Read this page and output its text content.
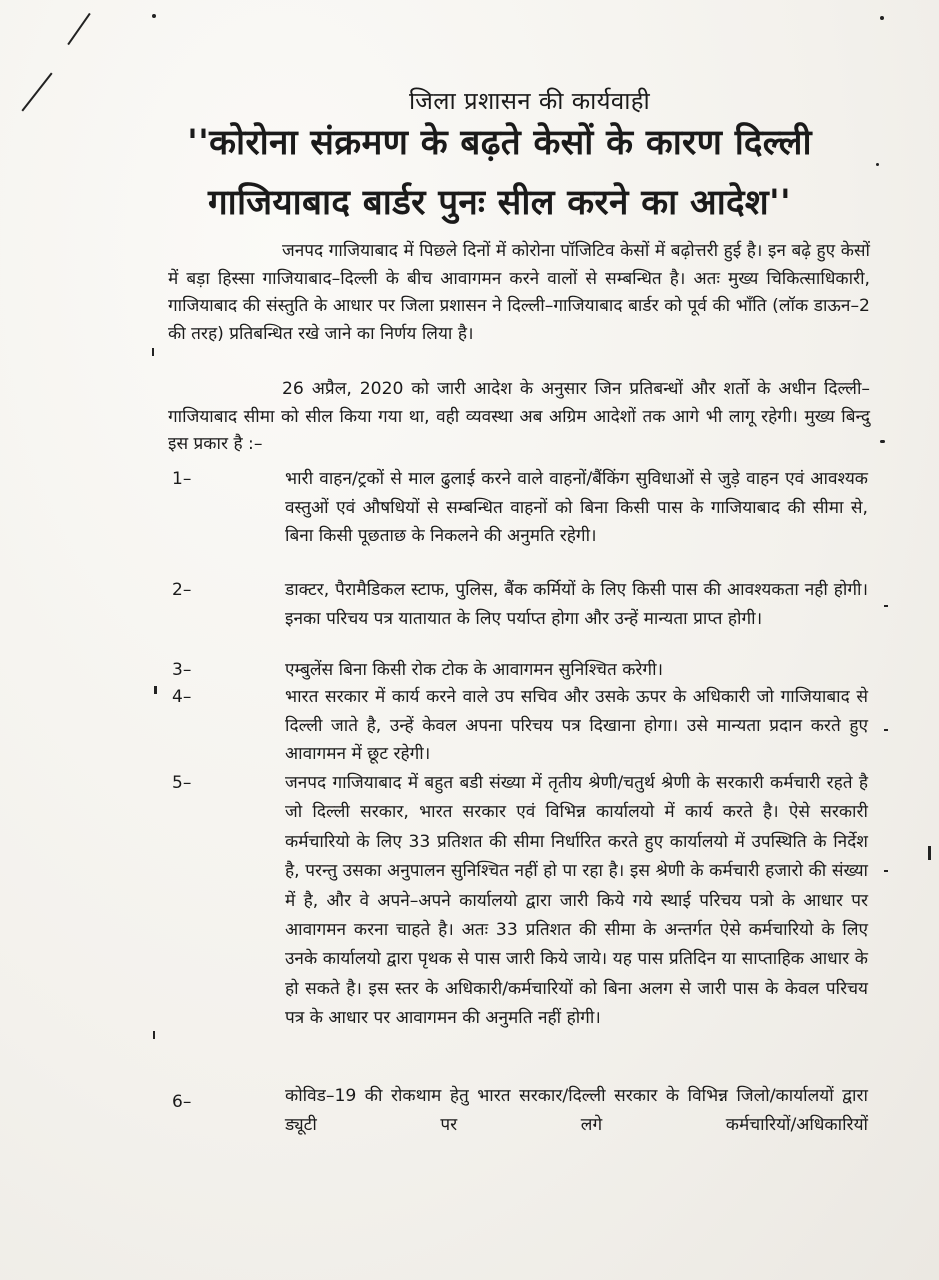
जिला प्रशासन की कार्यवाही
''कोरोना संक्रमण के बढ़ते केसों के कारण दिल्ली
गाजियाबाद बार्डर पुनः सील करने का आदेश''
जनपद गाजियाबाद में पिछले दिनों में कोरोना पॉजिटिव केसों में बढ़ोत्तरी हुई है। इन बढ़े हुए केसों में बड़ा हिस्सा गाजियाबाद–दिल्ली के बीच आवागमन करने वालों से सम्बन्धित है। अतः मुख्य चिकित्साधिकारी, गाजियाबाद की संस्तुति के आधार पर जिला प्रशासन ने दिल्ली–गाजियाबाद बार्डर को पूर्व की भाँति (लॉक डाऊन–2 की तरह) प्रतिबन्धित रखे जाने का निर्णय लिया है।
26 अप्रैल, 2020 को जारी आदेश के अनुसार जिन प्रतिबन्धों और शर्तो के अधीन दिल्ली–गाजियाबाद सीमा को सील किया गया था, वही व्यवस्था अब अग्रिम आदेशों तक आगे भी लागू रहेगी। मुख्य बिन्दु इस प्रकार है :–
1–	भारी वाहन/ट्रकों से माल ढुलाई करने वाले वाहनों/बैंकिंग सुविधाओं से जुड़े वाहन एवं आवश्यक वस्तुओं एवं औषधियों से सम्बन्धित वाहनों को बिना किसी पास के गाजियाबाद की सीमा से, बिना किसी पूछताछ के निकलने की अनुमति रहेगी।
2–	डाक्टर, पैरामैडिकल स्टाफ, पुलिस, बैंक कर्मियों के लिए किसी पास की आवश्यकता नही होगी। इनका परिचय पत्र यातायात के लिए पर्याप्त होगा और उन्हें मान्यता प्राप्त होगी।
3–	एम्बुलेंस बिना किसी रोक टोक के आवागमन सुनिश्चित करेगी।
4–	भारत सरकार में कार्य करने वाले उप सचिव और उसके ऊपर के अधिकारी जो गाजियाबाद से दिल्ली जाते है, उन्हें केवल अपना परिचय पत्र दिखाना होगा। उसे मान्यता प्रदान करते हुए आवागमन में छूट रहेगी।
5–	जनपद गाजियाबाद में बहुत बडी संख्या में तृतीय श्रेणी/चतुर्थ श्रेणी के सरकारी कर्मचारी रहते है जो दिल्ली सरकार, भारत सरकार एवं विभिन्न कार्यालयो में कार्य करते है। ऐसे सरकारी कर्मचारियो के लिए 33 प्रतिशत की सीमा निर्धारित करते हुए कार्यालयो में उपस्थिति के निर्देश है, परन्तु उसका अनुपालन सुनिश्चित नहीं हो पा रहा है। इस श्रेणी के कर्मचारी हजारो की संख्या में है, और वे अपने–अपने कार्यालयो द्वारा जारी किये गये स्थाई परिचय पत्रो के आधार पर आवागमन करना चाहते है। अतः 33 प्रतिशत की सीमा के अन्तर्गत ऐसे कर्मचारियो के लिए उनके कार्यालयो द्वारा पृथक से पास जारी किये जाये। यह पास प्रतिदिन या साप्ताहिक आधार के हो सकते है। इस स्तर के अधिकारी/कर्मचारियों को बिना अलग से जारी पास के केवल परिचय पत्र के आधार पर आवागमन की अनुमति नहीं होगी।
6–	कोविड–19 की रोकथाम हेतु भारत सरकार/दिल्ली सरकार के विभिन्न जिलो/कार्यालयों द्वारा ड्यूटी पर लगे कर्मचारियों/अधिकारियों
